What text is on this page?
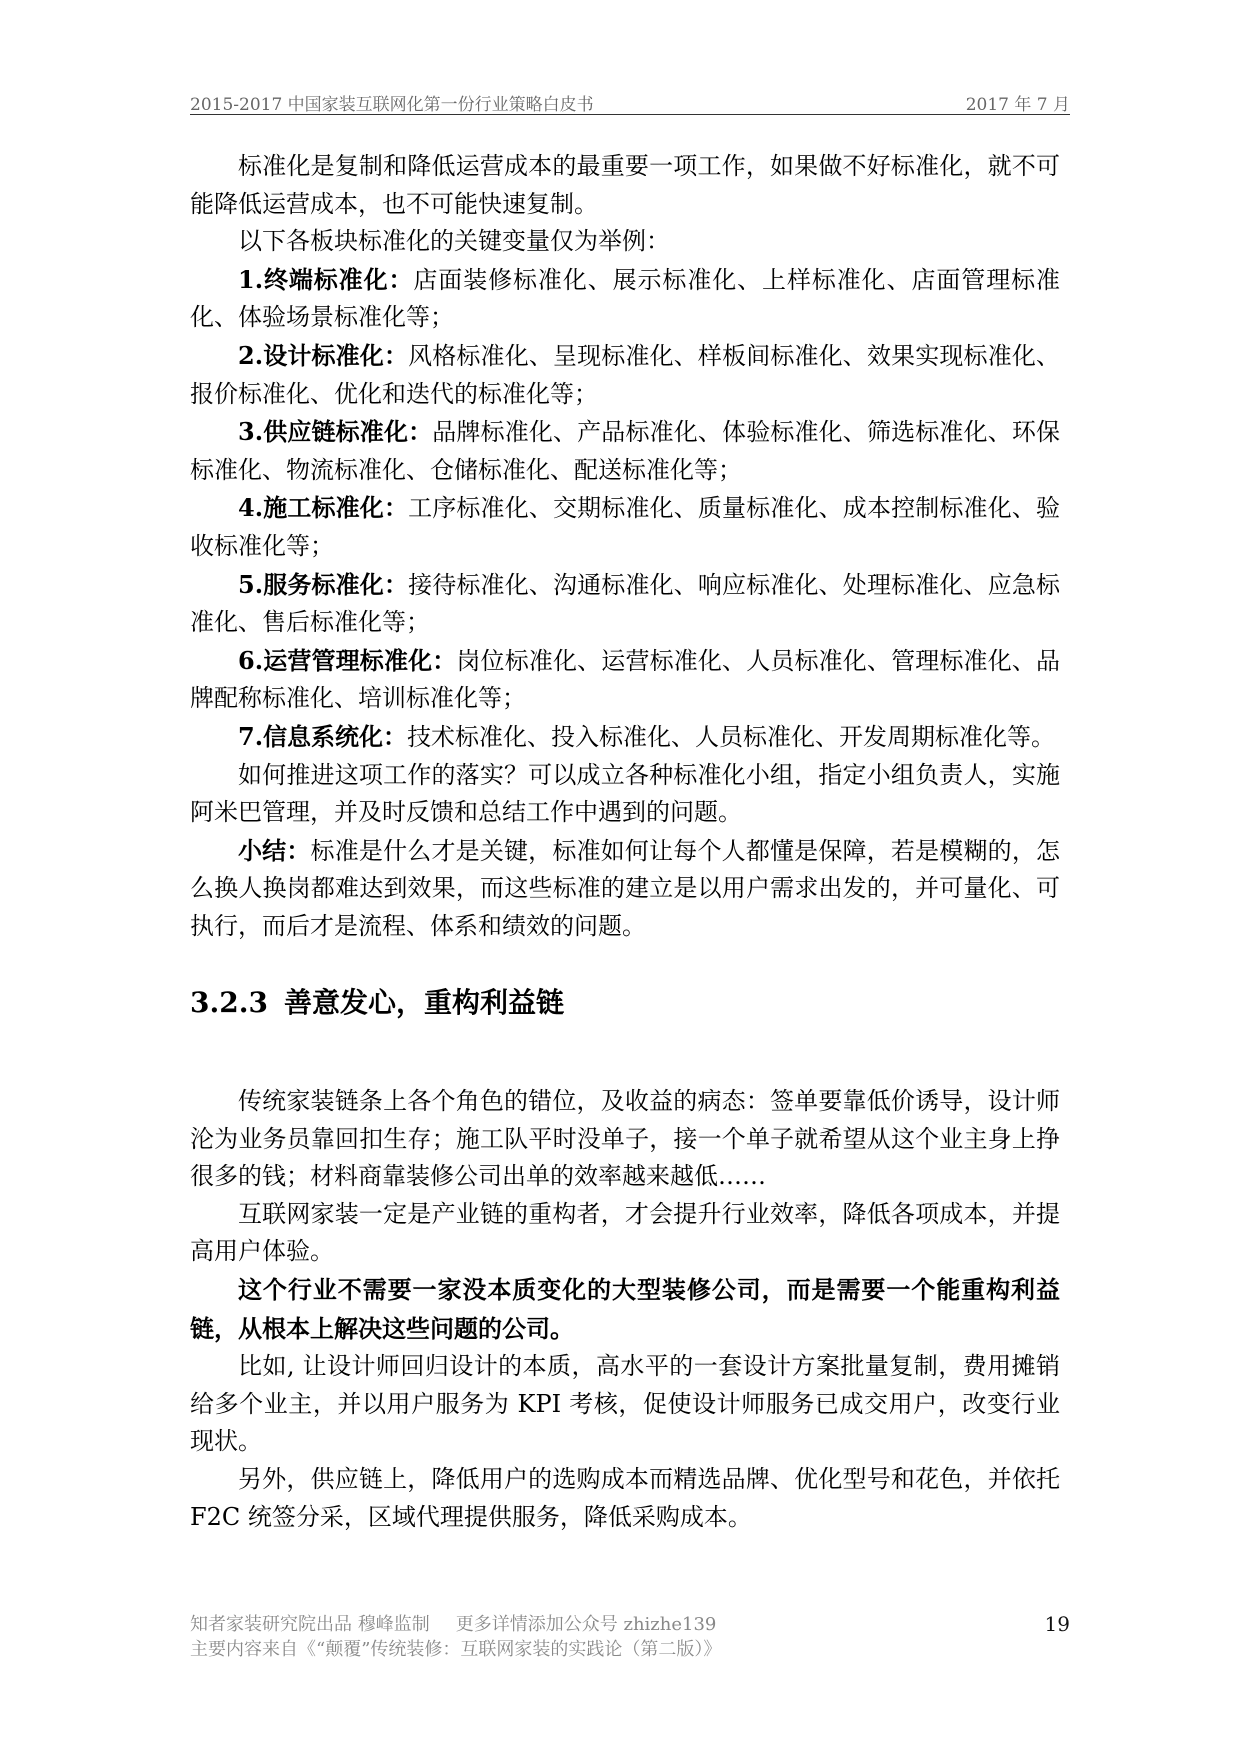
2015-2017 中国家装互联网化第一份行业策略白皮书	2017 年 7 月

标准化是复制和降低运营成本的最重要一项工作，如果做不好标准化，就不可能降低运营成本，也不可能快速复制。

以下各板块标准化的关键变量仅为举例：

1.终端标准化：店面装修标准化、展示标准化、上样标准化、店面管理标准化、体验场景标准化等；

2.设计标准化：风格标准化、呈现标准化、样板间标准化、效果实现标准化、报价标准化、优化和迭代的标准化等；

3.供应链标准化：品牌标准化、产品标准化、体验标准化、筛选标准化、环保标准化、物流标准化、仓储标准化、配送标准化等；

4.施工标准化：工序标准化、交期标准化、质量标准化、成本控制标准化、验收标准化等；

5.服务标准化：接待标准化、沟通标准化、响应标准化、处理标准化、应急标准化、售后标准化等；

6.运营管理标准化：岗位标准化、运营标准化、人员标准化、管理标准化、品牌配称标准化、培训标准化等；

7.信息系统化：技术标准化、投入标准化、人员标准化、开发周期标准化等。

如何推进这项工作的落实？可以成立各种标准化小组，指定小组负责人，实施阿米巴管理，并及时反馈和总结工作中遇到的问题。

小结：标准是什么才是关键，标准如何让每个人都懂是保障，若是模糊的，怎么换人换岗都难达到效果，而这些标准的建立是以用户需求出发的，并可量化、可执行，而后才是流程、体系和绩效的问题。

3.2.3 善意发心，重构利益链

传统家装链条上各个角色的错位，及收益的病态：签单要靠低价诱导，设计师沦为业务员靠回扣生存；施工队平时没单子，接一个单子就希望从这个业主身上挣很多的钱；材料商靠装修公司出单的效率越来越低……

互联网家装一定是产业链的重构者，才会提升行业效率，降低各项成本，并提高用户体验。

这个行业不需要一家没本质变化的大型装修公司，而是需要一个能重构利益链，从根本上解决这些问题的公司。

比如, 让设计师回归设计的本质，高水平的一套设计方案批量复制，费用摊销给多个业主，并以用户服务为 KPI 考核，促使设计师服务已成交用户，改变行业现状。

另外，供应链上，降低用户的选购成本而精选品牌、优化型号和花色，并依托 F2C 统签分采，区域代理提供服务，降低采购成本。

知者家装研究院出品 穆峰监制 更多详情添加公众号 zhizhe139
主要内容来自《“颠覆”传统装修：互联网家装的实践论（第二版）》
19
